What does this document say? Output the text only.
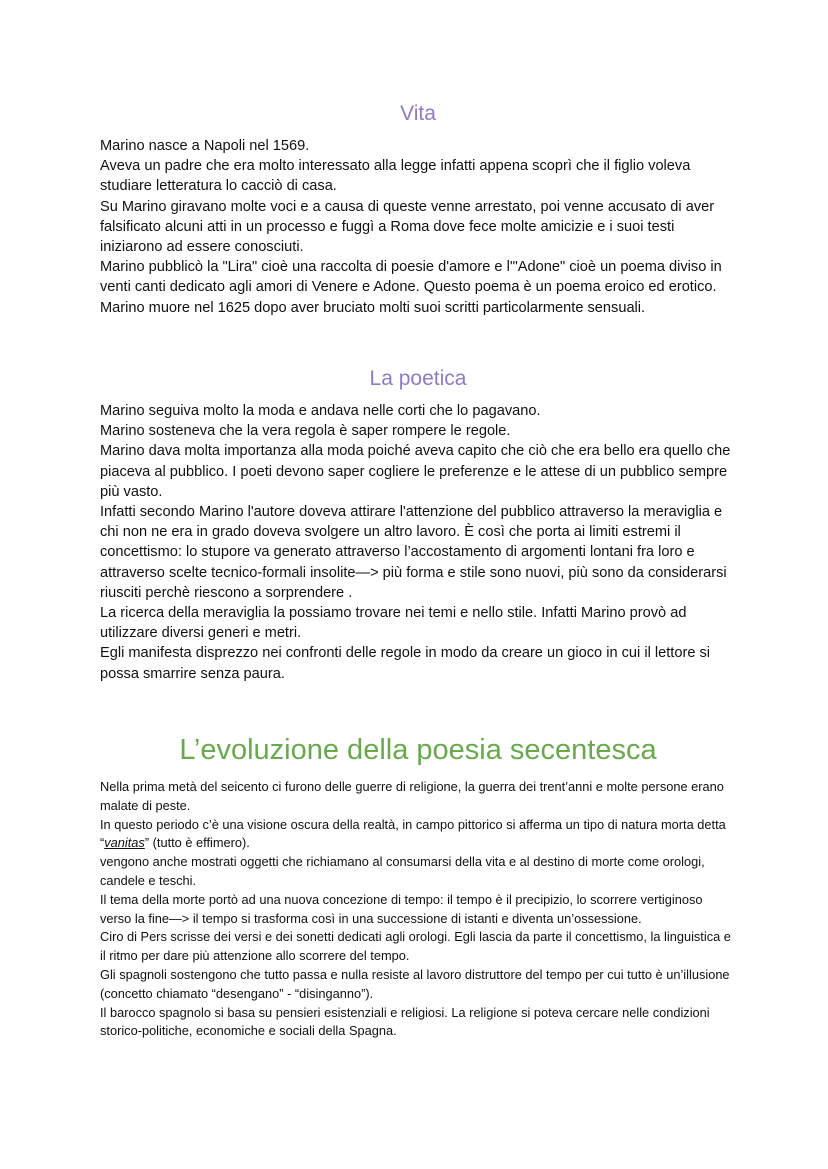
Vita

Marino nasce a Napoli nel 1569.

Aveva un padre che era molto interessato alla legge infatti appena scoprì che il figlio voleva studiare letteratura lo cacciò di casa.

Su Marino giravano molte voci e a causa di queste venne arrestato, poi venne accusato di aver falsificato alcuni atti in un processo e fuggì a Roma dove fece molte amicizie e i suoi testi iniziarono ad essere conosciuti.

Marino pubblicò la "Lira" cioè una raccolta di poesie d'amore e l'"Adone" cioè un poema diviso in venti canti dedicato agli amori di Venere e Adone. Questo poema è un poema eroico ed erotico.

Marino muore nel 1625 dopo aver bruciato molti suoi scritti particolarmente sensuali.

La poetica

Marino seguiva molto la moda e andava nelle corti che lo pagavano.

Marino sosteneva che la vera regola è saper rompere le regole.

Marino dava molta importanza alla moda poiché aveva capito che ciò che era bello era quello che piaceva al pubblico. I poeti devono saper cogliere le preferenze e le attese di un pubblico sempre più vasto.

Infatti secondo Marino l'autore doveva attirare l'attenzione del pubblico attraverso la meraviglia e chi non ne era in grado doveva svolgere un altro lavoro. È così che porta ai limiti estremi il concettismo: lo stupore va generato attraverso l’accostamento di argomenti lontani fra loro e attraverso scelte tecnico-formali insolite—> più forma e stile sono nuovi, più sono da considerarsi riusciti perchè riescono a sorprendere .

La ricerca della meraviglia la possiamo trovare nei temi e nello stile. Infatti Marino provò ad utilizzare diversi generi e metri.

Egli manifesta disprezzo nei confronti delle regole in modo da creare un gioco in cui il lettore si possa smarrire senza paura.

L’evoluzione della poesia secentesca

Nella prima metà del seicento ci furono delle guerre di religione, la guerra dei trent’anni e molte persone erano malate di peste.

In questo periodo c’è una visione oscura della realtà, in campo pittorico si afferma un tipo di natura morta detta “vanitas” (tutto è effimero).

vengono anche mostrati oggetti che richiamano al consumarsi della vita e al destino di morte come orologi, candele e teschi.

Il tema della morte portò ad una nuova concezione di tempo: il tempo è il precipizio, lo scorrere vertiginoso verso la fine—> il tempo si trasforma così in una successione di istanti e diventa un’ossessione.

Ciro di Pers scrisse dei versi e dei sonetti dedicati agli orologi. Egli lascia da parte il concettismo, la linguistica e il ritmo per dare più attenzione allo scorrere del tempo.

Gli spagnoli sostengono che tutto passa e nulla resiste al lavoro distruttore del tempo per cui tutto è un’illusione (concetto chiamato “desengano” - “disinganno”).

Il barocco spagnolo si basa su pensieri esistenziali e religiosi. La religione si poteva cercare nelle condizioni storico-politiche, economiche e sociali della Spagna.
